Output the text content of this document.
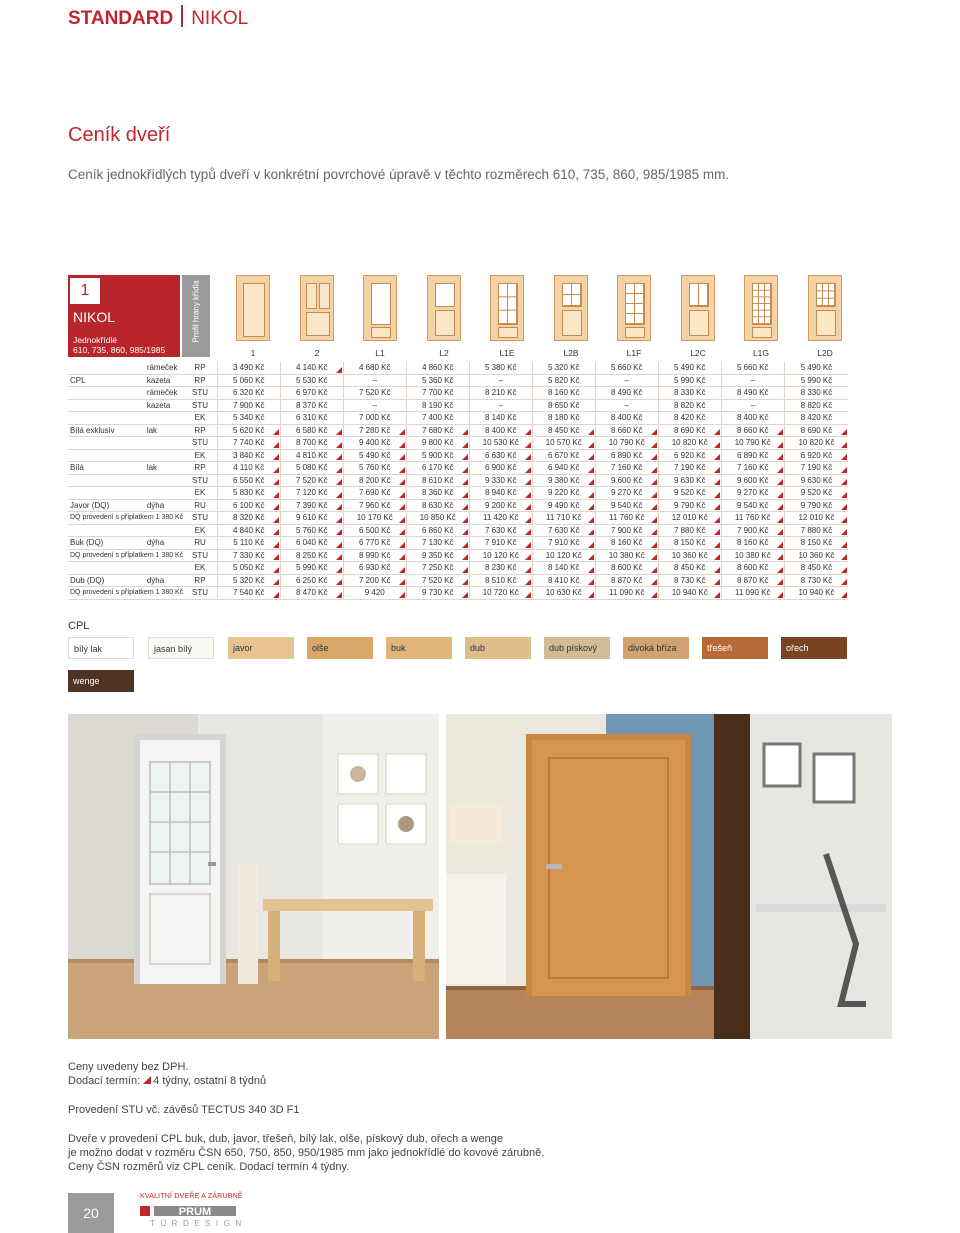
STANDARD NIKOL
Ceník dveří
Ceník jednokřídlých typů dveří v konkrétní povrchové úpravě v těchto rozměrech 610, 735, 860, 985/1985 mm.
1
NIKOL
Jednokřídlé
610, 735, 860, 985/1985 mm
Profil hrany křídla
1	2	L1	L2	L1E	L2B	L1F	L2C	L1G	L2D
	rámeček	RP	3 490 Kč	4 140 Kč	4 680 Kč	4 860 Kč	5 380 Kč	5 320 Kč	5 660 Kč	5 490 Kč	5 660 Kč	5 490 Kč
CPL	kazeta	RP	5 060 Kč	5 530 Kč	–	5 360 Kč	–	5 820 Kč	–	5 990 Kč	–	5 990 Kč
	rámeček	STU	6 320 Kč	6 970 Kč	7 520 Kč	7 700 Kč	8 210 Kč	8 160 Kč	8 490 Kč	8 330 Kč	8 490 Kč	8 330 Kč
	kazeta	STU	7 900 Kč	8 370 Kč	–	8 190 Kč	–	8 650 Kč	–	8 820 Kč	–	8 820 Kč
		EK	5 340 Kč	6 310 Kč	7 000 Kč	7 400 Kč	8 140 Kč	8 180 Kč	8 400 Kč	8 420 Kč	8 400 Kč	8 420 Kč
Bílá exklusiv	lak	RP	5 620 Kč	6 580 Kč	7 280 Kč	7 680 Kč	8 400 Kč	8 450 Kč	8 660 Kč	8 690 Kč	8 660 Kč	8 690 Kč

		STU	7 740 Kč	8 700 Kč	9 400 Kč	9 800 Kč	10 530 Kč	10 570 Kč	10 790 Kč	10 820 Kč	10 790 Kč	10 820 Kč

		EK	3 840 Kč	4 810 Kč	5 490 Kč	5 900 Kč	6 630 Kč	6 670 Kč	6 890 Kč	6 920 Kč	6 890 Kč	6 920 Kč

Bílá	lak	RP	4 110 Kč	5 080 Kč	5 760 Kč	6 170 Kč	6 900 Kč	6 940 Kč	7 160 Kč	7 190 Kč	7 160 Kč	7 190 Kč

		STU	6 550 Kč	7 520 Kč	8 200 Kč	8 610 Kč	9 330 Kč	9 380 Kč	9 600 Kč	9 630 Kč	9 600 Kč	9 630 Kč

		EK	5 830 Kč	7 120 Kč	7 690 Kč	8 360 Kč	8 940 Kč	9 220 Kč	9 270 Kč	9 520 Kč	9 270 Kč	9 520 Kč

Javor (DQ)	dýha	RU	6 100 Kč	7 390 Kč	7 960 Kč	8 630 Kč	9 200 Kč	9 490 Kč	9 540 Kč	9 790 Kč	9 540 Kč	9 790 Kč

DQ provedení s příplatkem 1 380 Kč		STU	8 320 Kč	9 610 Kč	10 170 Kč	10 850 Kč	11 420 Kč	11 710 Kč	11 760 Kč	12 010 Kč	11 760 Kč	12 010 Kč

		EK	4 840 Kč	5 760 Kč	6 500 Kč	6 860 Kč	7 630 Kč	7 630 Kč	7 900 Kč	7 880 Kč	7 900 Kč	7 880 Kč

Buk (DQ)	dýha	RU	5 110 Kč	6 040 Kč	6 770 Kč	7 130 Kč	7 910 Kč	7 910 Kč	8 160 Kč	8 150 Kč	8 160 Kč	8 150 Kč

DQ provedení s příplatkem 1 380 Kč		STU	7 330 Kč	8 250 Kč	8 990 Kč	9 350 Kč	10 120 Kč	10 120 Kč	10 380 Kč	10 360 Kč	10 380 Kč	10 360 Kč

		EK	5 050 Kč	5 990 Kč	6 930 Kč	7 250 Kč	8 230 Kč	8 140 Kč	8 600 Kč	8 450 Kč	8 600 Kč	8 450 Kč

Dub (DQ)	dýha	RP	5 320 Kč	6 250 Kč	7 200 Kč	7 520 Kč	8 510 Kč	8 410 Kč	8 870 Kč	8 730 Kč	8 870 Kč	8 730 Kč

DQ provedení s příplatkem 1 380 Kč		STU	7 540 Kč	8 470 Kč	9 420	9 730 Kč	10 720 Kč	10 630 Kč	11 090 Kč	10 940 Kč	11 090 Kč	10 940 Kč
CPL
bílý lak	jasan bílý	javor	olše	buk	dub	dub pískový	divoká bříza	třešeň	ořech
wenge
Ceny uvedeny bez DPH.
Dodací termín: 4 týdny, ostatní 8 týdnů
Provedení STU vč. závěsů TECTUS 340 3D F1
Dveře v provedení CPL buk, dub, javor, třešeň, bílý lak, olše, pískový dub, ořech a wenge
je možno dodat v rozměru ČSN 650, 750, 850, 950/1985 mm jako jednokřídlé do kovové zárubně.
Ceny ČSN rozměrů viz CPL ceník. Dodací termín 4 týdny.
20
KVALITNÍ DVEŘE A ZÁRUBNĚ
PRŮM
TÜRDESIGN
